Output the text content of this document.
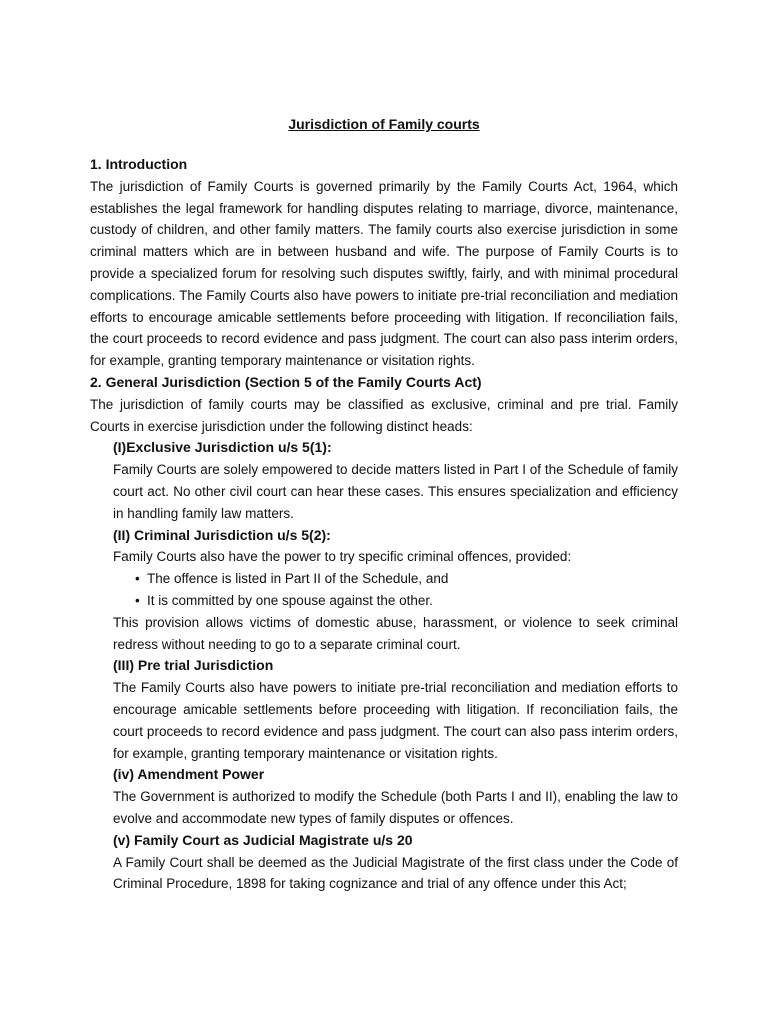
Jurisdiction of Family courts

1. Introduction

The jurisdiction of Family Courts is governed primarily by the Family Courts Act, 1964, which establishes the legal framework for handling disputes relating to marriage, divorce, maintenance, custody of children, and other family matters. The family courts also exercise jurisdiction in some criminal matters which are in between husband and wife. The purpose of Family Courts is to provide a specialized forum for resolving such disputes swiftly, fairly, and with minimal procedural complications. The Family Courts also have powers to initiate pre-trial reconciliation and mediation efforts to encourage amicable settlements before proceeding with litigation. If reconciliation fails, the court proceeds to record evidence and pass judgment. The court can also pass interim orders, for example, granting temporary maintenance or visitation rights.

2. General Jurisdiction (Section 5 of the Family Courts Act)

The jurisdiction of family courts may be classified as exclusive, criminal and pre trial. Family Courts in exercise jurisdiction under the following distinct heads:

(I)Exclusive Jurisdiction u/s 5(1):

Family Courts are solely empowered to decide matters listed in Part I of the Schedule of family court act. No other civil court can hear these cases. This ensures specialization and efficiency in handling family law matters.

(II) Criminal Jurisdiction u/s 5(2):

Family Courts also have the power to try specific criminal offences, provided:

• The offence is listed in Part II of the Schedule, and
• It is committed by one spouse against the other.

This provision allows victims of domestic abuse, harassment, or violence to seek criminal redress without needing to go to a separate criminal court.

(III) Pre trial Jurisdiction

The Family Courts also have powers to initiate pre-trial reconciliation and mediation efforts to encourage amicable settlements before proceeding with litigation. If reconciliation fails, the court proceeds to record evidence and pass judgment. The court can also pass interim orders, for example, granting temporary maintenance or visitation rights.

(iv) Amendment Power

The Government is authorized to modify the Schedule (both Parts I and II), enabling the law to evolve and accommodate new types of family disputes or offences.

(v) Family Court as Judicial Magistrate u/s 20

A Family Court shall be deemed as the Judicial Magistrate of the first class under the Code of Criminal Procedure, 1898 for taking cognizance and trial of any offence under this Act;
